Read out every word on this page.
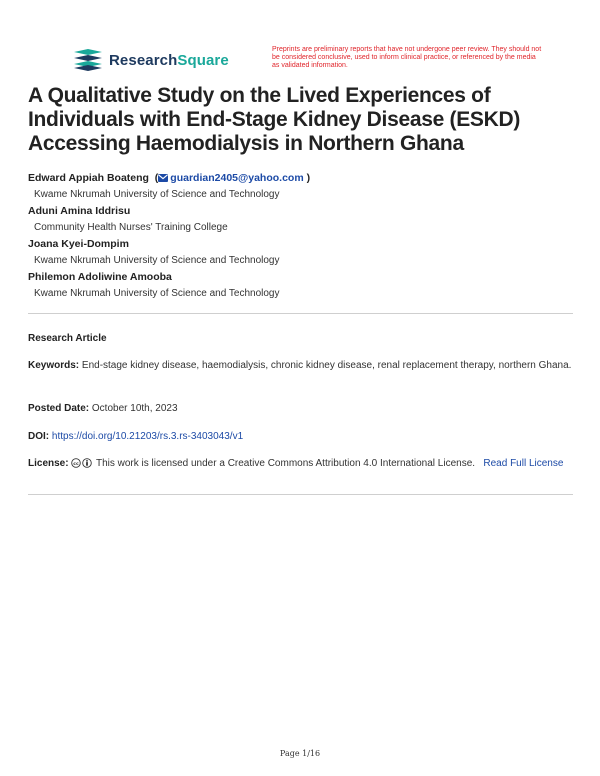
ResearchSquare
Preprints are preliminary reports that have not undergone peer review. They should not be considered conclusive, used to inform clinical practice, or referenced by the media as validated information.
A Qualitative Study on the Lived Experiences of Individuals with End-Stage Kidney Disease (ESKD) Accessing Haemodialysis in Northern Ghana
Edward Appiah Boateng  ( guardian2405@yahoo.com )
Kwame Nkrumah University of Science and Technology
Aduni Amina Iddrisu
Community Health Nurses' Training College
Joana Kyei-Dompim
Kwame Nkrumah University of Science and Technology
Philemon Adoliwine Amooba
Kwame Nkrumah University of Science and Technology
Research Article
Keywords: End-stage kidney disease, haemodialysis, chronic kidney disease, renal replacement therapy, northern Ghana.
Posted Date: October 10th, 2023
DOI: https://doi.org/10.21203/rs.3.rs-3403043/v1
License: cc This work is licensed under a Creative Commons Attribution 4.0 International License. Read Full License
Page 1/16
